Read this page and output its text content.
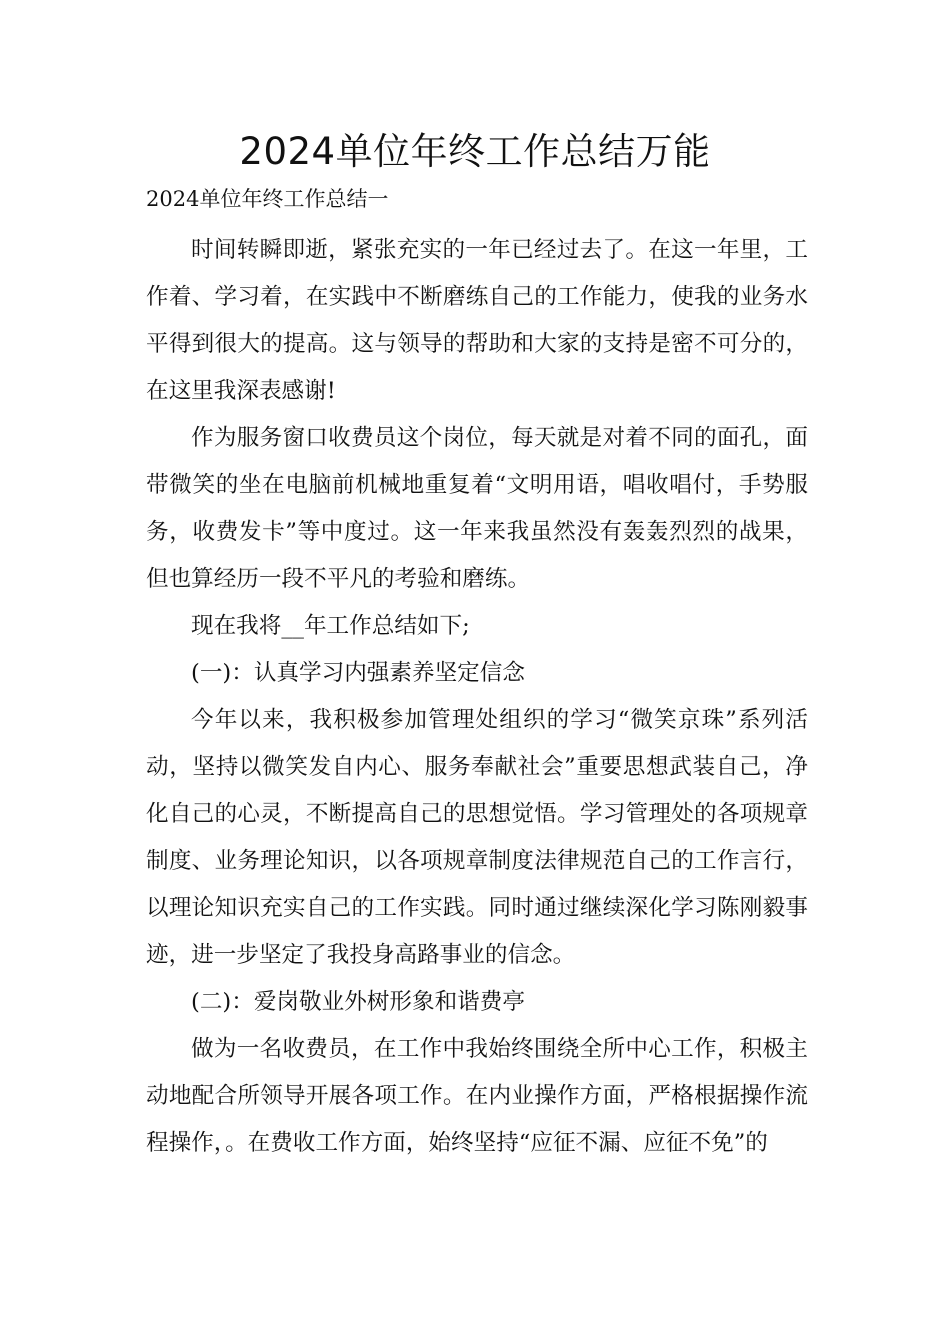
2024单位年终工作总结万能

2024单位年终工作总结一

时间转瞬即逝，紧张充实的一年已经过去了。在这一年里，工作着、学习着，在实践中不断磨练自己的工作能力，使我的业务水平得到很大的提高。这与领导的帮助和大家的支持是密不可分的，在这里我深表感谢!

作为服务窗口收费员这个岗位，每天就是对着不同的面孔，面带微笑的坐在电脑前机械地重复着“文明用语，唱收唱付，手势服务，收费发卡”等中度过。这一年来我虽然没有轰轰烈烈的战果，但也算经历一段不平凡的考验和磨练。

现在我将__年工作总结如下;

(一)：认真学习内强素养坚定信念

今年以来，我积极参加管理处组织的学习“微笑京珠”系列活动，坚持以微笑发自内心、服务奉献社会”重要思想武装自己，净化自己的心灵，不断提高自己的思想觉悟。学习管理处的各项规章制度、业务理论知识，以各项规章制度法律规范自己的工作言行，以理论知识充实自己的工作实践。同时通过继续深化学习陈刚毅事迹，进一步坚定了我投身高路事业的信念。

(二)：爱岗敬业外树形象和谐费亭

做为一名收费员，在工作中我始终围绕全所中心工作，积极主动地配合所领导开展各项工作。在内业操作方面，严格根据操作流程操作，。在费收工作方面，始终坚持“应征不漏、应征不免”的
